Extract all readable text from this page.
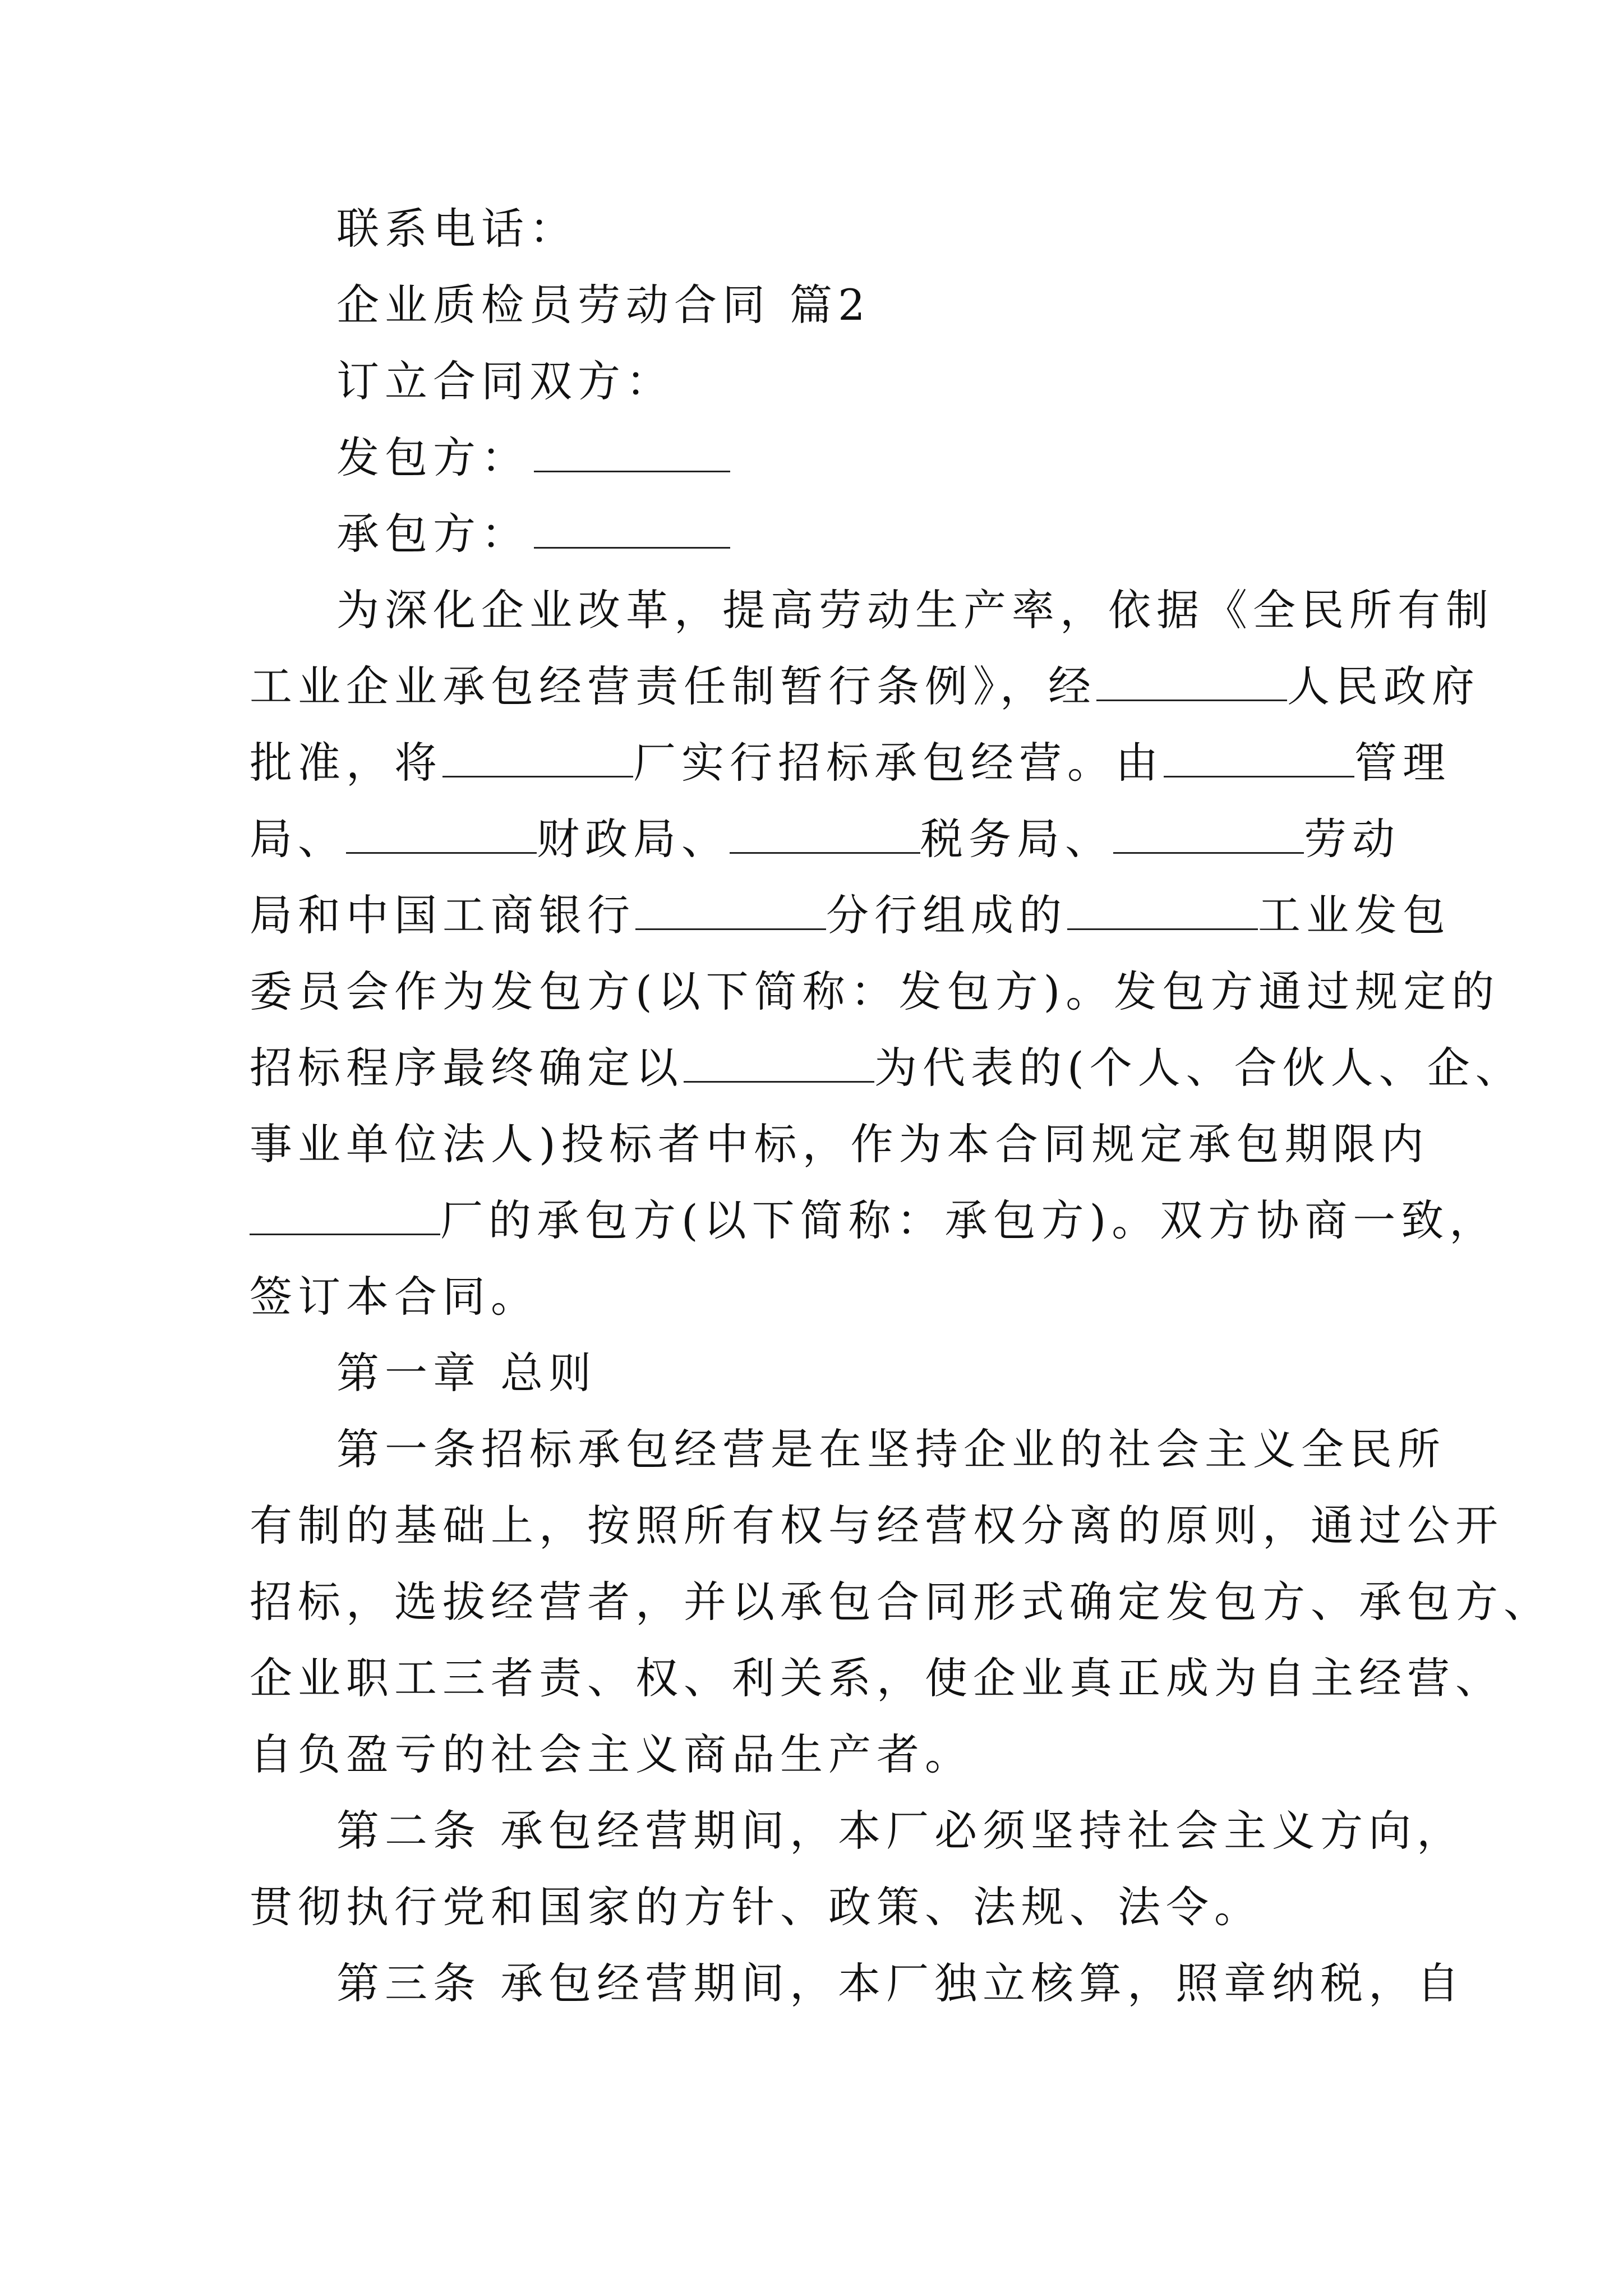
联系电话：
企业质检员劳动合同 篇2
订立合同双方：
发包方：
承包方：
为深化企业改革，提高劳动生产率，依据《全民所有制
工业企业承包经营责任制暂行条例》，经	人民政府
批准，将	厂实行招标承包经营。由	管理
局、	财政局、	税务局、	劳动
局和中国工商银行	分行组成的	工业发包
委员会作为发包方(以下简称：发包方)。发包方通过规定的
招标程序最终确定以	为代表的(个人、合伙人、企、
事业单位法人)投标者中标，作为本合同规定承包期限内
厂的承包方(以下简称：承包方)。双方协商一致，
签订本合同。
第一章 总则
第一条招标承包经营是在坚持企业的社会主义全民所
有制的基础上，按照所有权与经营权分离的原则，通过公开
招标，选拔经营者，并以承包合同形式确定发包方、承包方、
企业职工三者责、权、利关系，使企业真正成为自主经营、
自负盈亏的社会主义商品生产者。
第二条 承包经营期间，本厂必须坚持社会主义方向，
贯彻执行党和国家的方针、政策、法规、法令。
第三条 承包经营期间，本厂独立核算，照章纳税，自
